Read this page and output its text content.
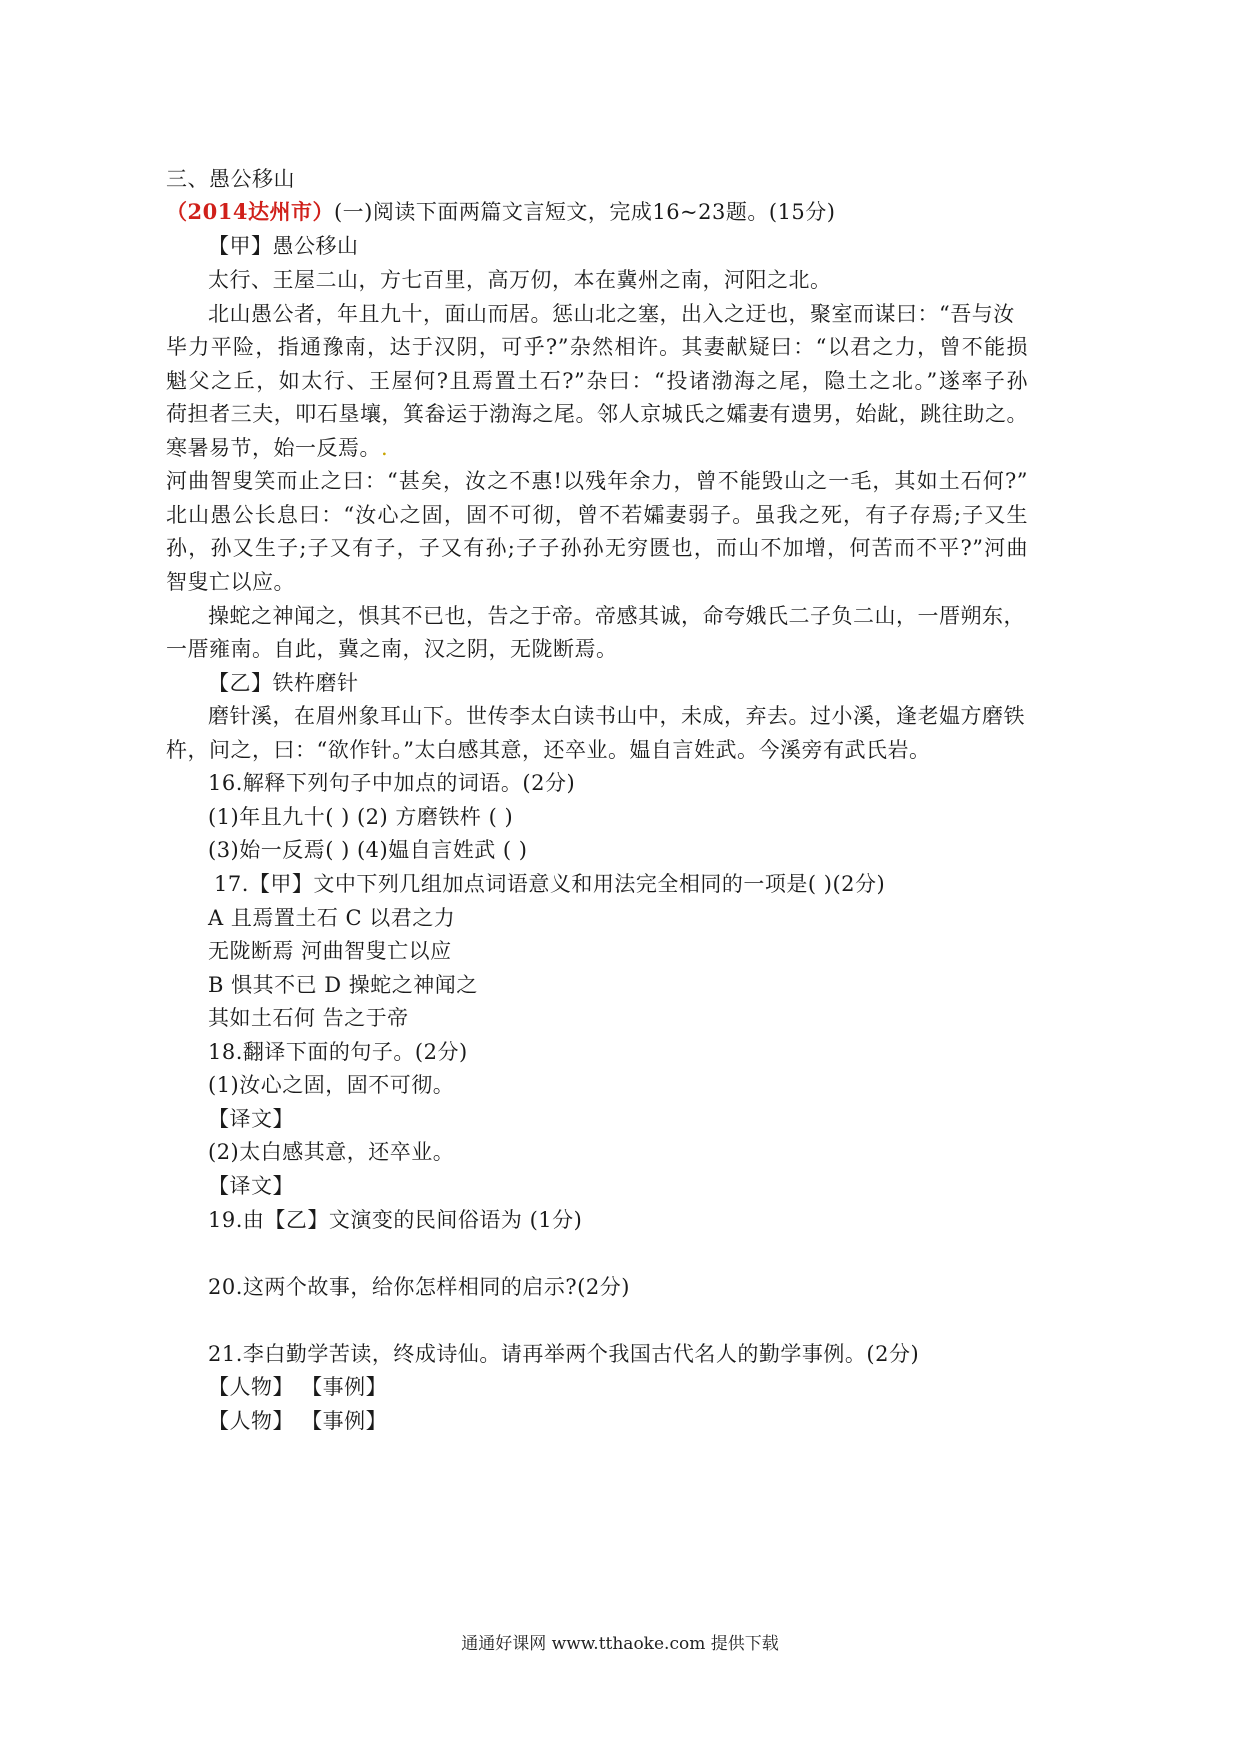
三、愚公移山
（2014达州市）(一)阅读下面两篇文言短文，完成16~23题。(15分)
【甲】愚公移山
太行、王屋二山，方七百里，高万仞，本在冀州之南，河阳之北。
北山愚公者，年且九十，面山而居。惩山北之塞，出入之迂也，聚室而谋曰：“吾与汝
毕力平险，指通豫南，达于汉阴，可乎?”杂然相许。其妻献疑曰：“以君之力，曾不能损
魁父之丘，如太行、王屋何?且焉置土石?”杂曰：“投诸渤海之尾，隐土之北。”遂率子孙
荷担者三夫，叩石垦壤，箕畚运于渤海之尾。邻人京城氏之孀妻有遗男，始龀，跳往助之。
寒暑易节，始一反焉。.
河曲智叟笑而止之曰：“甚矣，汝之不惠!以残年余力，曾不能毁山之一毛，其如土石何?”
北山愚公长息曰：“汝心之固，固不可彻，曾不若孀妻弱子。虽我之死，有子存焉;子又生
孙，孙又生子;子又有子，子又有孙;子子孙孙无穷匮也，而山不加增，何苦而不平?”河曲
智叟亡以应。
操蛇之神闻之，惧其不已也，告之于帝。帝感其诚，命夸娥氏二子负二山，一厝朔东，
一厝雍南。自此，冀之南，汉之阴，无陇断焉。
【乙】铁杵磨针
磨针溪，在眉州象耳山下。世传李太白读书山中，未成，弃去。过小溪，逢老媪方磨铁
杵，问之，曰：“欲作针。”太白感其意，还卒业。媪自言姓武。今溪旁有武氏岩。
16.解释下列句子中加点的词语。(2分)
(1)年且九十( ) (2) 方磨铁杵 ( )
(3)始一反焉( ) (4)媪自言姓武 ( )
17.【甲】文中下列几组加点词语意义和用法完全相同的一项是( )(2分)
A 且焉置土石 C 以君之力
无陇断焉 河曲智叟亡以应
B 惧其不已 D 操蛇之神闻之
其如土石何 告之于帝
18.翻译下面的句子。(2分)
(1)汝心之固，固不可彻。
【译文】
(2)太白感其意，还卒业。
【译文】
19.由【乙】文演变的民间俗语为 (1分)
20.这两个故事，给你怎样相同的启示?(2分)
21.李白勤学苦读，终成诗仙。请再举两个我国古代名人的勤学事例。(2分)
【人物】 【事例】
【人物】 【事例】
通通好课网 www.tthaoke.com 提供下载
